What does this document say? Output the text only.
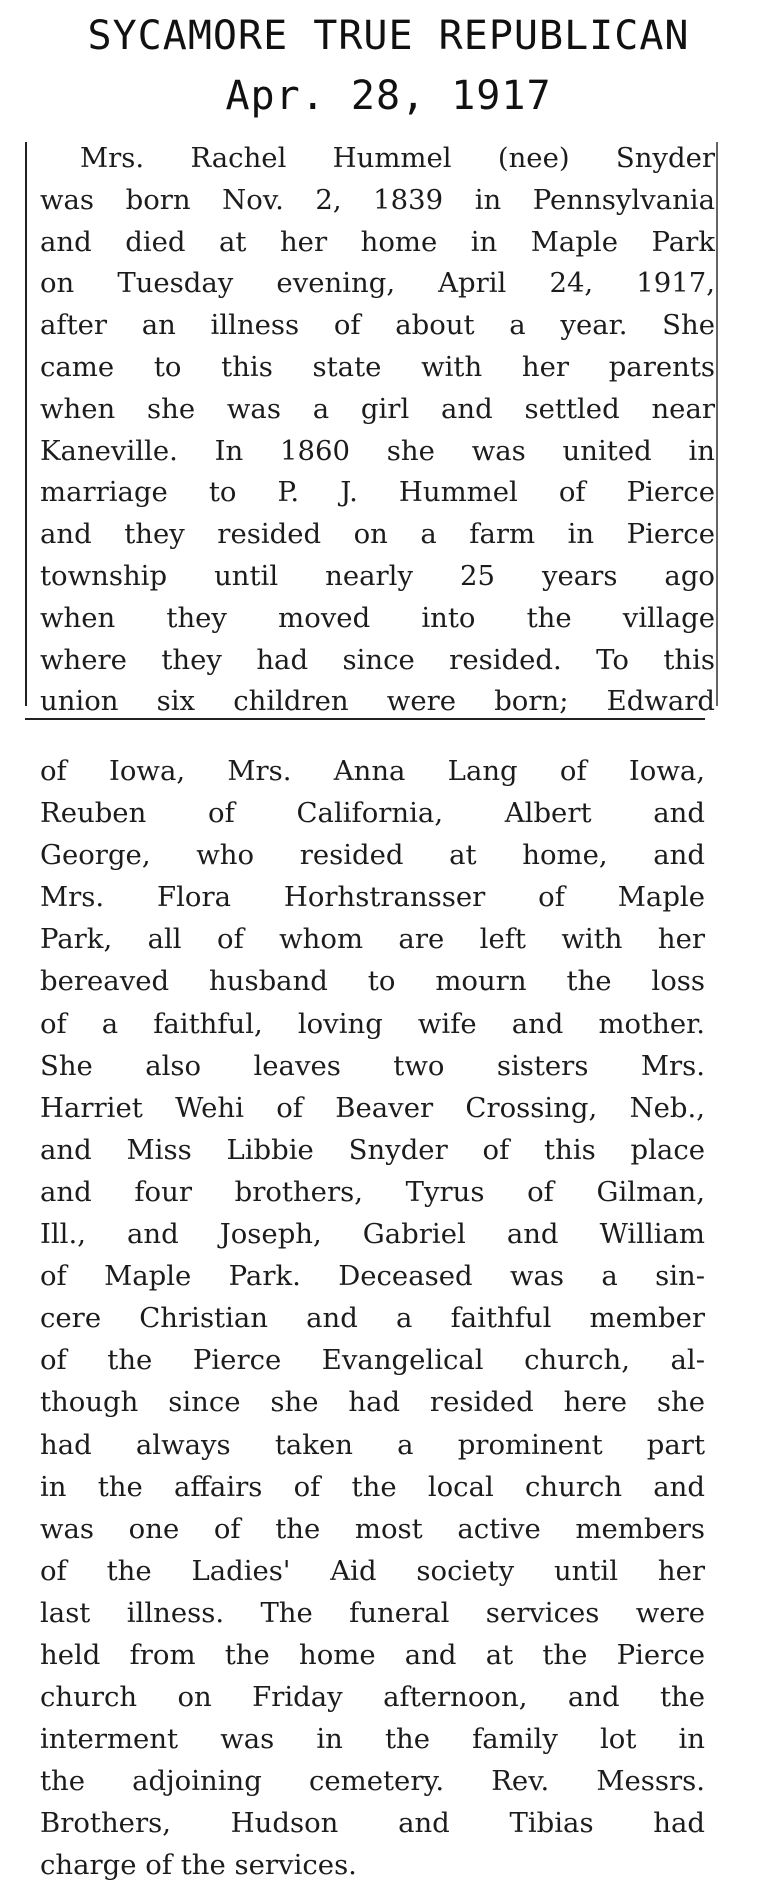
SYCAMORE TRUE REPUBLICAN
Apr. 28, 1917
Mrs. Rachel Hummel (nee) Snyder
was born Nov. 2, 1839 in Pennsylvania
and died at her home in Maple Park
on Tuesday evening, April 24, 1917,
after an illness of about a year. She
came to this state with her parents
when she was a girl and settled near
Kaneville. In 1860 she was united in
marriage to P. J. Hummel of Pierce
and they resided on a farm in Pierce
township until nearly 25 years ago
when they moved into the village
where they had since resided. To this
union six children were born; Edward
of Iowa, Mrs. Anna Lang of Iowa,
Reuben of California, Albert and
George, who resided at home, and
Mrs. Flora Horhstransser of Maple
Park, all of whom are left with her
bereaved husband to mourn the loss
of a faithful, loving wife and mother.
She also leaves two sisters Mrs.
Harriet Wehi of Beaver Crossing, Neb.,
and Miss Libbie Snyder of this place
and four brothers, Tyrus of Gilman,
Ill., and Joseph, Gabriel and William
of Maple Park. Deceased was a sin-
cere Christian and a faithful member
of the Pierce Evangelical church, al-
though since she had resided here she
had always taken a prominent part
in the affairs of the local church and
was one of the most active members
of the Ladies' Aid society until her
last illness. The funeral services were
held from the home and at the Pierce
church on Friday afternoon, and the
interment was in the family lot in
the adjoining cemetery. Rev. Messrs.
Brothers, Hudson and Tibias had
charge of the services.
